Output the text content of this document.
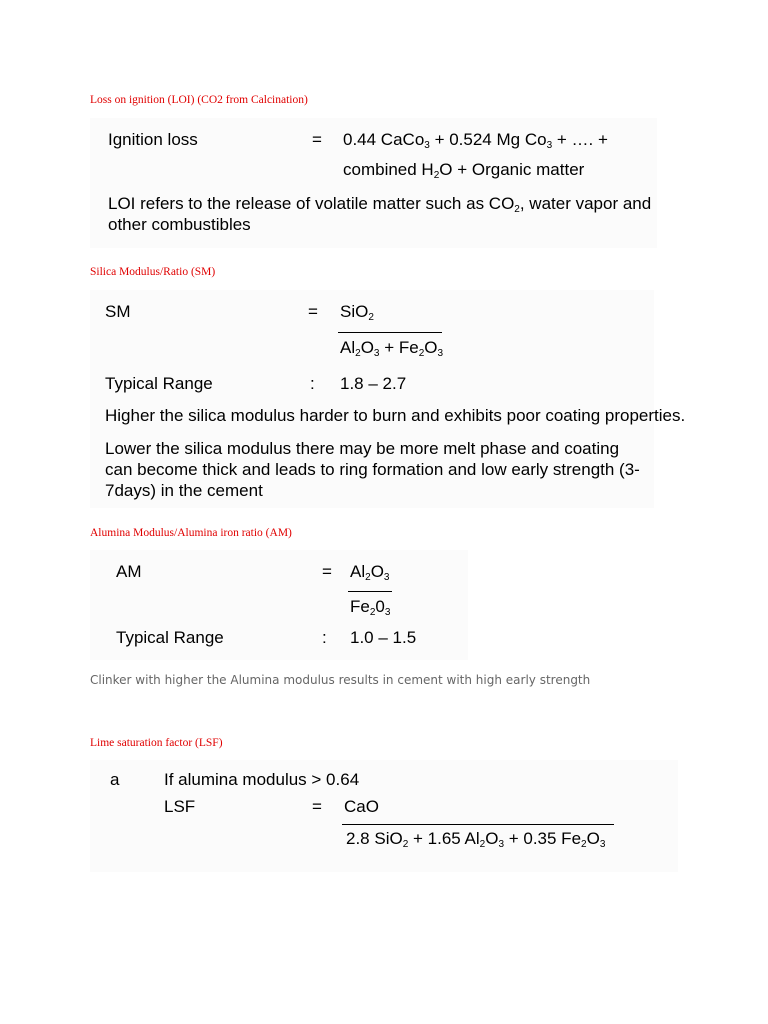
Loss on ignition (LOI) (CO2 from Calcination)
Ignition loss	= 0.44 CaCo$_3$ + 0.524 Mg $Co_3$ + …. +
combined $H_2O$ + Organic matter
LOI refers to the release of volatile matter such as $CO_2$, water vapor and
other combustibles
Silica Modulus/Ratio (SM)
SM	= SiO$_2$
$Al_2O_3 + Fe_2O_3$
Typical Range	: 1.8 – 2.7
Higher the silica modulus harder to burn and exhibits poor coating properties.
Lower the silica modulus there may be more melt phase and coating
can become thick and leads to ring formation and low early strength (3-
7days) in the cement
Alumina Modulus/Alumina iron ratio (AM)
AM	= $Al_2O_3$
$Fe_20_3$
Typical Range	: 1.0 – 1.5
Clinker with higher the Alumina modulus results in cement with high early strength
Lime saturation factor (LSF)
a	If alumina modulus > 0.64
LSF	= CaO
2.8 SiO$_2$ + 1.65 $Al_2O_3 + 0.35$ $Fe_2O_3$
